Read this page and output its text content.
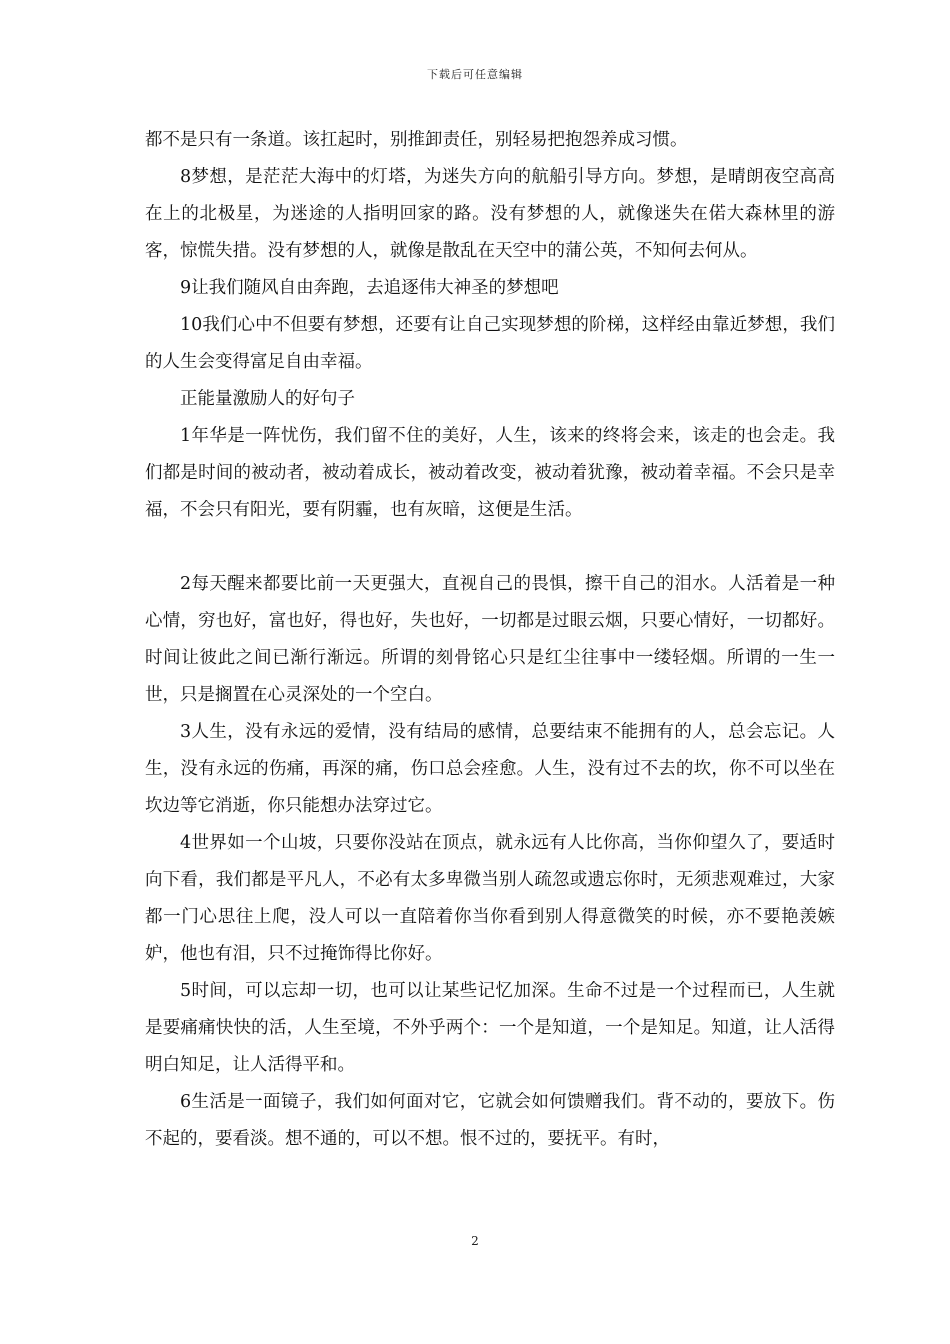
下载后可任意编辑

都不是只有一条道。该扛起时，别推卸责任，别轻易把抱怨养成习惯。

8梦想，是茫茫大海中的灯塔，为迷失方向的航船引导方向。梦想，是晴朗夜空高高在上的北极星，为迷途的人指明回家的路。没有梦想的人，就像迷失在偌大森林里的游客，惊慌失措。没有梦想的人，就像是散乱在天空中的蒲公英，不知何去何从。

9让我们随风自由奔跑，去追逐伟大神圣的梦想吧

10我们心中不但要有梦想，还要有让自己实现梦想的阶梯，这样经由靠近梦想，我们的人生会变得富足自由幸福。

正能量激励人的好句子

1年华是一阵忧伤，我们留不住的美好，人生，该来的终将会来，该走的也会走。我们都是时间的被动者，被动着成长，被动着改变，被动着犹豫，被动着幸福。不会只是幸福，不会只有阳光，要有阴霾，也有灰暗，这便是生活。

2每天醒来都要比前一天更强大，直视自己的畏惧，擦干自己的泪水。人活着是一种心情，穷也好，富也好，得也好，失也好，一切都是过眼云烟，只要心情好，一切都好。时间让彼此之间已渐行渐远。所谓的刻骨铭心只是红尘往事中一缕轻烟。所谓的一生一世，只是搁置在心灵深处的一个空白。

3人生，没有永远的爱情，没有结局的感情，总要结束不能拥有的人，总会忘记。人生，没有永远的伤痛，再深的痛，伤口总会痊愈。人生，没有过不去的坎，你不可以坐在坎边等它消逝，你只能想办法穿过它。

4世界如一个山坡，只要你没站在顶点，就永远有人比你高，当你仰望久了，要适时向下看，我们都是平凡人，不必有太多卑微当别人疏忽或遗忘你时，无须悲观难过，大家都一门心思往上爬，没人可以一直陪着你当你看到别人得意微笑的时候，亦不要艳羡嫉妒，他也有泪，只不过掩饰得比你好。

5时间，可以忘却一切，也可以让某些记忆加深。生命不过是一个过程而已，人生就是要痛痛快快的活，人生至境，不外乎两个：一个是知道，一个是知足。知道，让人活得明白知足，让人活得平和。

6生活是一面镜子，我们如何面对它，它就会如何馈赠我们。背不动的，要放下。伤不起的，要看淡。想不通的，可以不想。恨不过的，要抚平。有时，

2
